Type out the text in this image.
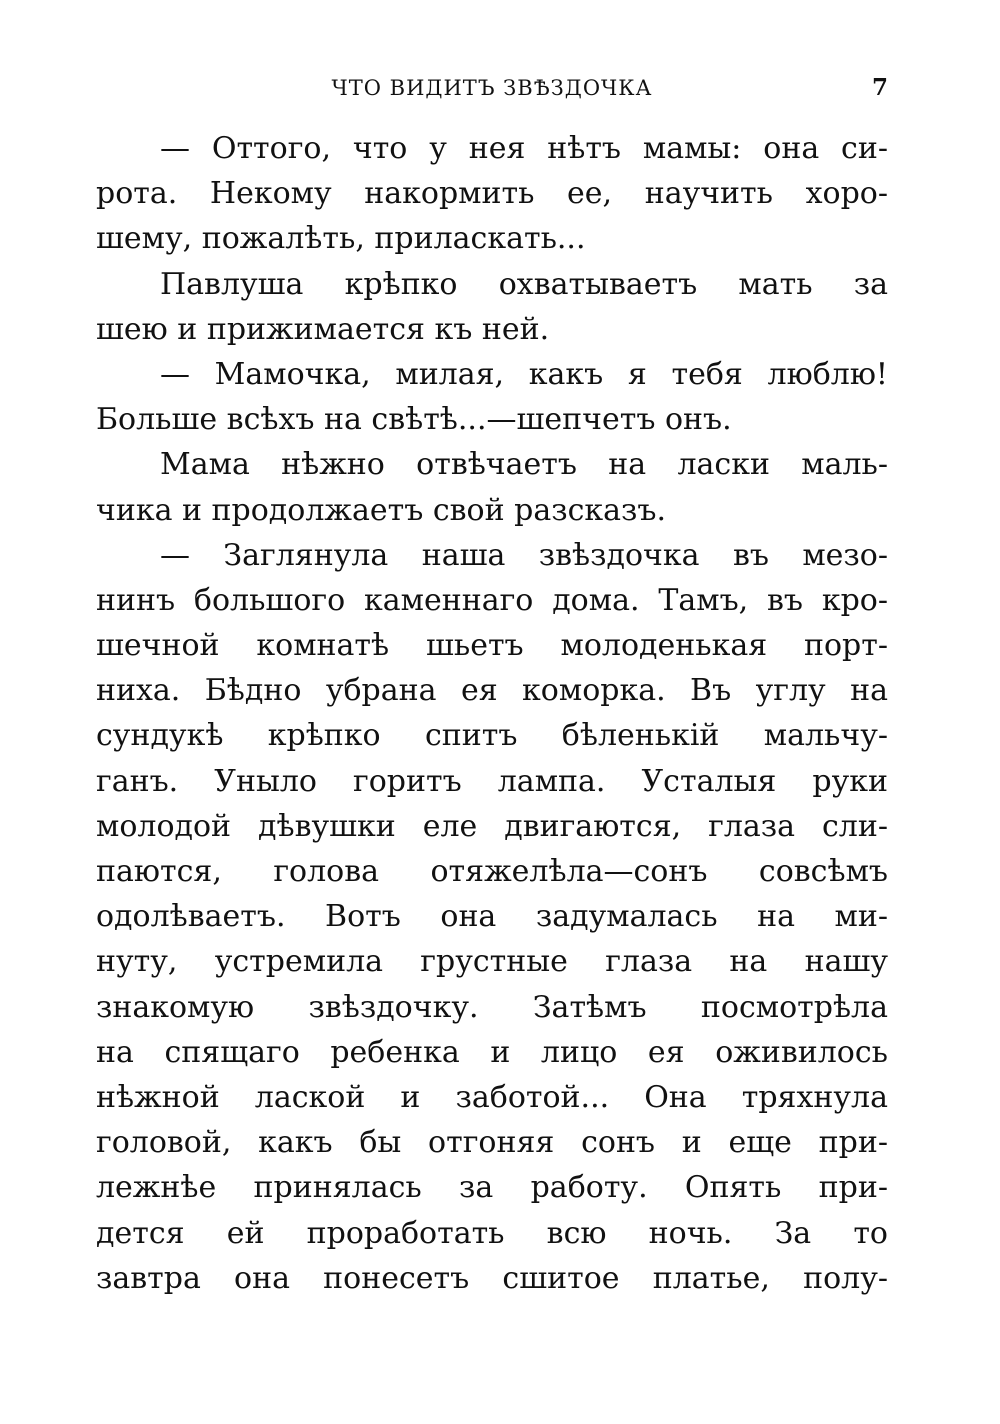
ЧТО ВИДИТЪ ЗВѢЗДОЧКА	7
— Оттого, что у нея нѣтъ мамы: она си-
рота. Некому накормить ее, научить хоро-
шему, пожалѣть, приласкать...
Павлуша крѣпко охватываетъ мать за
шею и прижимается къ ней.
— Мамочка, милая, какъ я тебя люблю!
Больше всѣхъ на свѣтѣ...—шепчетъ онъ.
Мама нѣжно отвѣчаетъ на ласки маль-
чика и продолжаетъ свой разсказъ.
— Заглянула наша звѣздочка въ мезо-
нинъ большого каменнаго дома. Тамъ, въ кро-
шечной комнатѣ шьетъ молоденькая порт-
ниха. Бѣдно убрана ея коморка. Въ углу на
сундукѣ крѣпко спитъ бѣленькій мальчу-
ганъ. Уныло горитъ лампа. Усталыя руки
молодой дѣвушки еле двигаются, глаза сли-
паются, голова отяжелѣла—сонъ совсѣмъ
одолѣваетъ. Вотъ она задумалась на ми-
нуту, устремила грустные глаза на нашу
знакомую звѣздочку. Затѣмъ посмотрѣла
на спящаго ребенка и лицо ея оживилось
нѣжной лаской и заботой... Она тряхнула
головой, какъ бы отгоняя сонъ и еще при-
лежнѣе принялась за работу. Опять при-
дется ей проработать всю ночь. За то
завтра она понесетъ сшитое платье, полу-
